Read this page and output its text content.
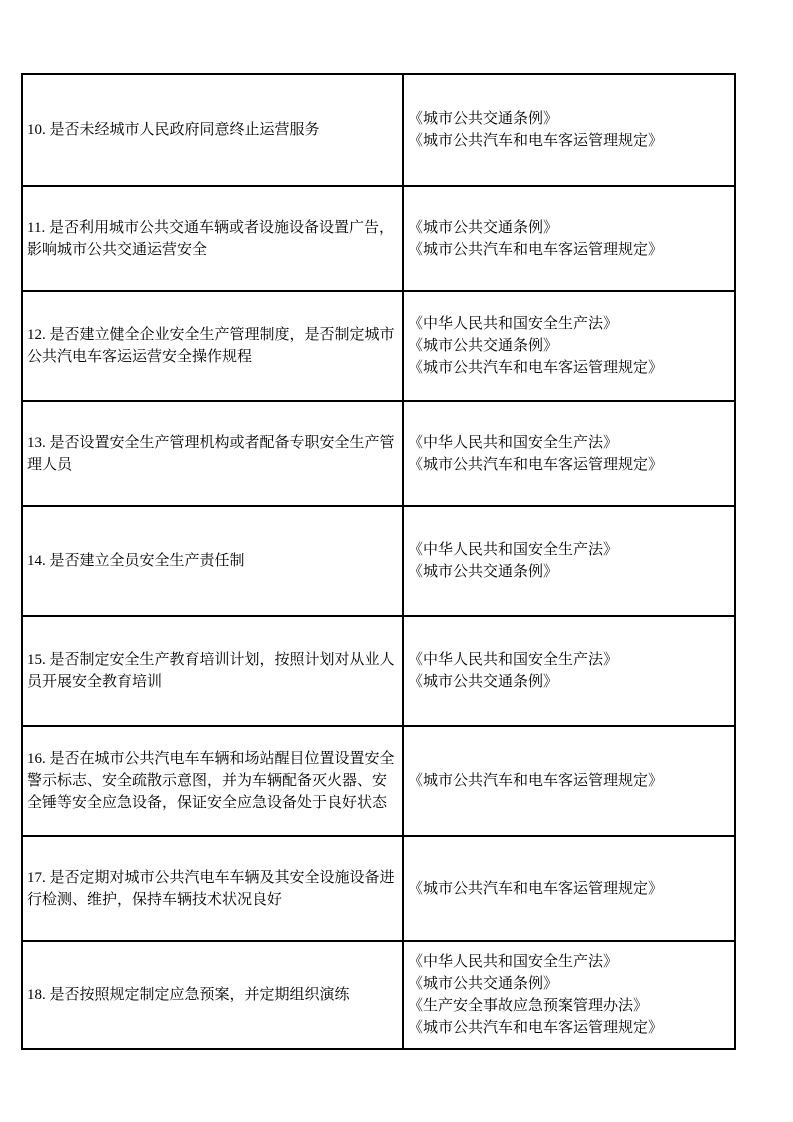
10. 是否未经城市人民政府同意终止运营服务	《城市公共交通条例》
《城市公共汽车和电车客运管理规定》

11. 是否利用城市公共交通车辆或者设施设备设置广告，影响城市公共交通运营安全	《城市公共交通条例》
《城市公共汽车和电车客运管理规定》

12. 是否建立健全企业安全生产管理制度，是否制定城市公共汽电车客运运营安全操作规程	《中华人民共和国安全生产法》
《城市公共交通条例》
《城市公共汽车和电车客运管理规定》

13. 是否设置安全生产管理机构或者配备专职安全生产管理人员	《中华人民共和国安全生产法》
《城市公共汽车和电车客运管理规定》

14. 是否建立全员安全生产责任制	《中华人民共和国安全生产法》
《城市公共交通条例》

15. 是否制定安全生产教育培训计划，按照计划对从业人员开展安全教育培训	《中华人民共和国安全生产法》
《城市公共交通条例》

16. 是否在城市公共汽电车车辆和场站醒目位置设置安全警示标志、安全疏散示意图，并为车辆配备灭火器、安全锤等安全应急设备，保证安全应急设备处于良好状态	《城市公共汽车和电车客运管理规定》

17. 是否定期对城市公共汽电车车辆及其安全设施设备进行检测、维护，保持车辆技术状况良好	《城市公共汽车和电车客运管理规定》

18. 是否按照规定制定应急预案，并定期组织演练	《中华人民共和国安全生产法》
《城市公共交通条例》
《生产安全事故应急预案管理办法》
《城市公共汽车和电车客运管理规定》
